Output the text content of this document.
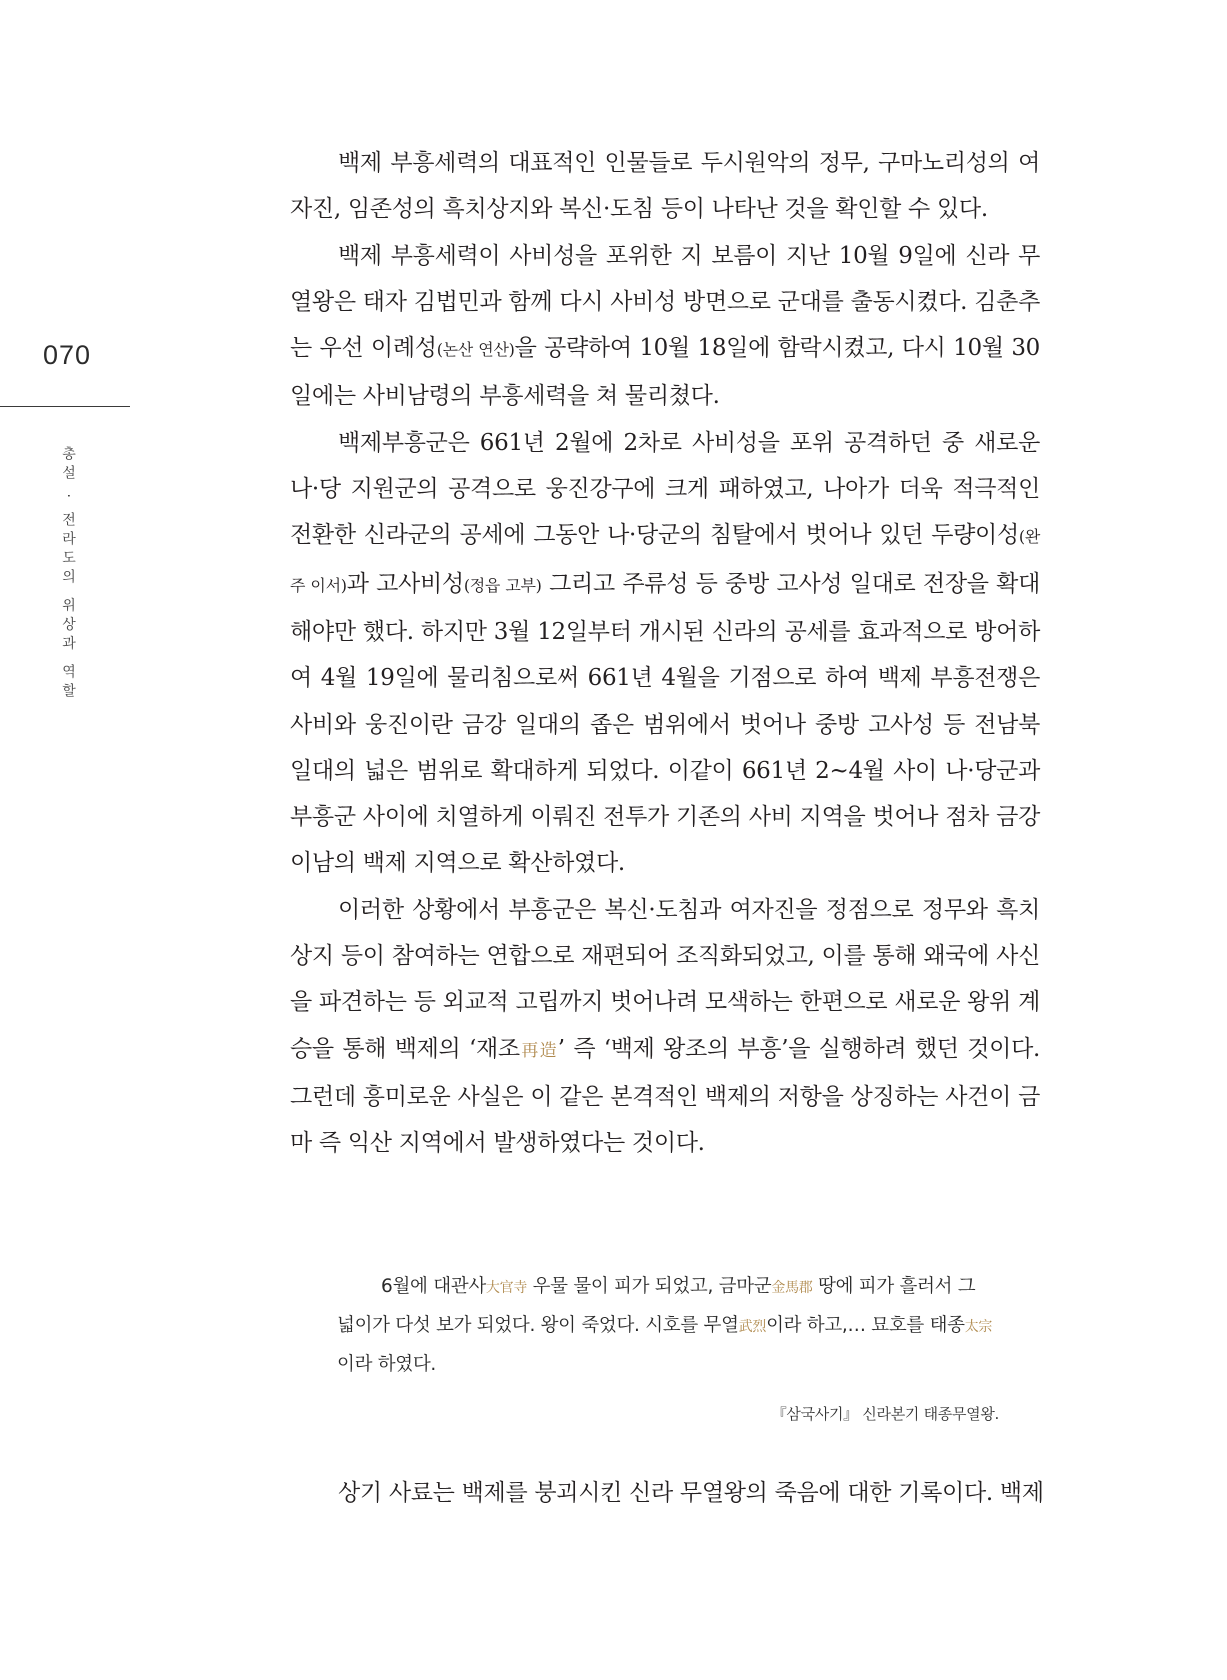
070
총설 · 전라도의 위상과 역할

백제 부흥세력의 대표적인 인물들로 두시원악의 정무, 구마노리성의 여자진, 임존성의 흑치상지와 복신·도침 등이 나타난 것을 확인할 수 있다.

백제 부흥세력이 사비성을 포위한 지 보름이 지난 10월 9일에 신라 무열왕은 태자 김법민과 함께 다시 사비성 방면으로 군대를 출동시켰다. 김춘추는 우선 이례성(논산 연산)을 공략하여 10월 18일에 함락시켰고, 다시 10월 30일에는 사비남령의 부흥세력을 쳐 물리쳤다.

백제부흥군은 661년 2월에 2차로 사비성을 포위 공격하던 중 새로운 나·당 지원군의 공격으로 웅진강구에 크게 패하였고, 나아가 더욱 적극적인 전환한 신라군의 공세에 그동안 나·당군의 침탈에서 벗어나 있던 두량이성(완주 이서)과 고사비성(정읍 고부) 그리고 주류성 등 중방 고사성 일대로 전장을 확대해야만 했다. 하지만 3월 12일부터 개시된 신라의 공세를 효과적으로 방어하여 4월 19일에 물리침으로써 661년 4월을 기점으로 하여 백제 부흥전쟁은 사비와 웅진이란 금강 일대의 좁은 범위에서 벗어나 중방 고사성 등 전남북 일대의 넓은 범위로 확대하게 되었다. 이같이 661년 2~4월 사이 나·당군과 부흥군 사이에 치열하게 이뤄진 전투가 기존의 사비 지역을 벗어나 점차 금강 이남의 백제 지역으로 확산하였다.

이러한 상황에서 부흥군은 복신·도침과 여자진을 정점으로 정무와 흑치상지 등이 참여하는 연합으로 재편되어 조직화되었고, 이를 통해 왜국에 사신을 파견하는 등 외교적 고립까지 벗어나려 모색하는 한편으로 새로운 왕위 계승을 통해 백제의 ‘재조再造’ 즉 ‘백제 왕조의 부흥’을 실행하려 했던 것이다. 그런데 흥미로운 사실은 이 같은 본격적인 백제의 저항을 상징하는 사건이 금마 즉 익산 지역에서 발생하였다는 것이다.

6월에 대관사大官寺 우물 물이 피가 되었고, 금마군金馬郡 땅에 피가 흘러서 그 넓이가 다섯 보가 되었다. 왕이 죽었다. 시호를 무열武烈이라 하고,… 묘호를 태종太宗이라 하였다.

『삼국사기』 신라본기 태종무열왕.

상기 사료는 백제를 붕괴시킨 신라 무열왕의 죽음에 대한 기록이다. 백제
